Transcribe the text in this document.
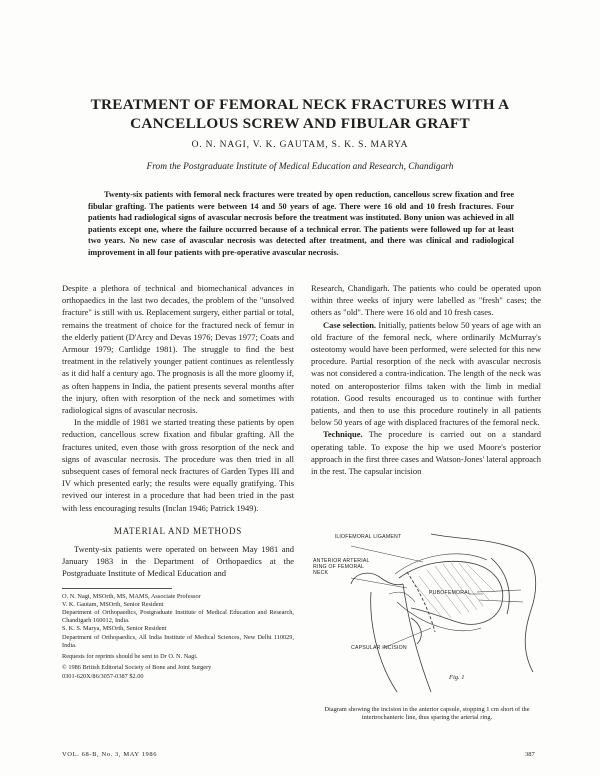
TREATMENT OF FEMORAL NECK FRACTURES WITH A CANCELLOUS SCREW AND FIBULAR GRAFT
O. N. NAGI, V. K. GAUTAM, S. K. S. MARYA
From the Postgraduate Institute of Medical Education and Research, Chandigarh

Twenty-six patients with femoral neck fractures were treated by open reduction, cancellous screw fixation and free fibular grafting. The patients were between 14 and 50 years of age. There were 16 old and 10 fresh fractures. Four patients had radiological signs of avascular necrosis before the treatment was instituted. Bony union was achieved in all patients except one, where the failure occurred because of a technical error. The patients were followed up for at least two years. No new case of avascular necrosis was detected after treatment, and there was clinical and radiological improvement in all four patients with pre-operative avascular necrosis.

Despite a plethora of technical and biomechanical advances in orthopaedics in the last two decades, the problem of the "unsolved fracture" is still with us. Replacement surgery, either partial or total, remains the treatment of choice for the fractured neck of femur in the elderly patient (D'Arcy and Devas 1976; Devas 1977; Coats and Armour 1979; Cartlidge 1981). The struggle to find the best treatment in the relatively younger patient continues as relentlessly as it did half a century ago. The prognosis is all the more gloomy if, as often happens in India, the patient presents several months after the injury, often with resorption of the neck and sometimes with radiological signs of avascular necrosis.

In the middle of 1981 we started treating these patients by open reduction, cancellous screw fixation and fibular grafting. All the fractures united, even those with gross resorption of the neck and signs of avascular necrosis. The procedure was then tried in all subsequent cases of femoral neck fractures of Garden Types III and IV which presented early; the results were equally gratifying. This revived our interest in a procedure that had been tried in the past with less encouraging results (Inclan 1946; Patrick 1949).

MATERIAL AND METHODS

Twenty-six patients were operated on between May 1981 and January 1983 in the Department of Orthopaedics at the Postgraduate Institute of Medical Education and

O. N. Nagi, MSOrth, MS, MAMS, Associate Professor

V. K. Gautam, MSOrth, Senior Resident

Department of Orthopaedics, Postgraduate Institute of Medical Education and Research, Chandigarh 160012, India.

S. K. S. Marya, MSOrth, Senior Resident

Department of Orthopaedics, All India Institute of Medical Sciences, New Delhi 110029, India.

Requests for reprints should be sent to Dr O. N. Nagi.

© 1986 British Editorial Society of Bone and Joint Surgery

0301-620X/86/3057-0387 $2.00

Research, Chandigarh. The patients who could be operated upon within three weeks of injury were labelled as "fresh" cases; the others as "old". There were 16 old and 10 fresh cases.

Case selection. Initially, patients below 50 years of age with an old fracture of the femoral neck, where ordinarily McMurray's osteotomy would have been performed, were selected for this new procedure. Partial resorption of the neck with avascular necrosis was not considered a contra-indication. The length of the neck was noted on anteroposterior films taken with the limb in medial rotation. Good results encouraged us to continue with further patients, and then to use this procedure routinely in all patients below 50 years of age with displaced fractures of the femoral neck.

Technique. The procedure is carried out on a standard operating table. To expose the hip we used Moore's posterior approach in the first three cases and Watson-Jones' lateral approach in the rest. The capsular incision

ILIOFEMORAL LIGAMENT
ANTERIOR ARTERIAL RING OF FEMORAL NECK
PUBOFEMORAL
CAPSULAR INCISION
Fig. 1
Diagram showing the incision in the anterior capsule, stopping 1 cm short of the intertrochanteric line, thus sparing the arterial ring.
VOL. 68-B, No. 3, MAY 1986	387
